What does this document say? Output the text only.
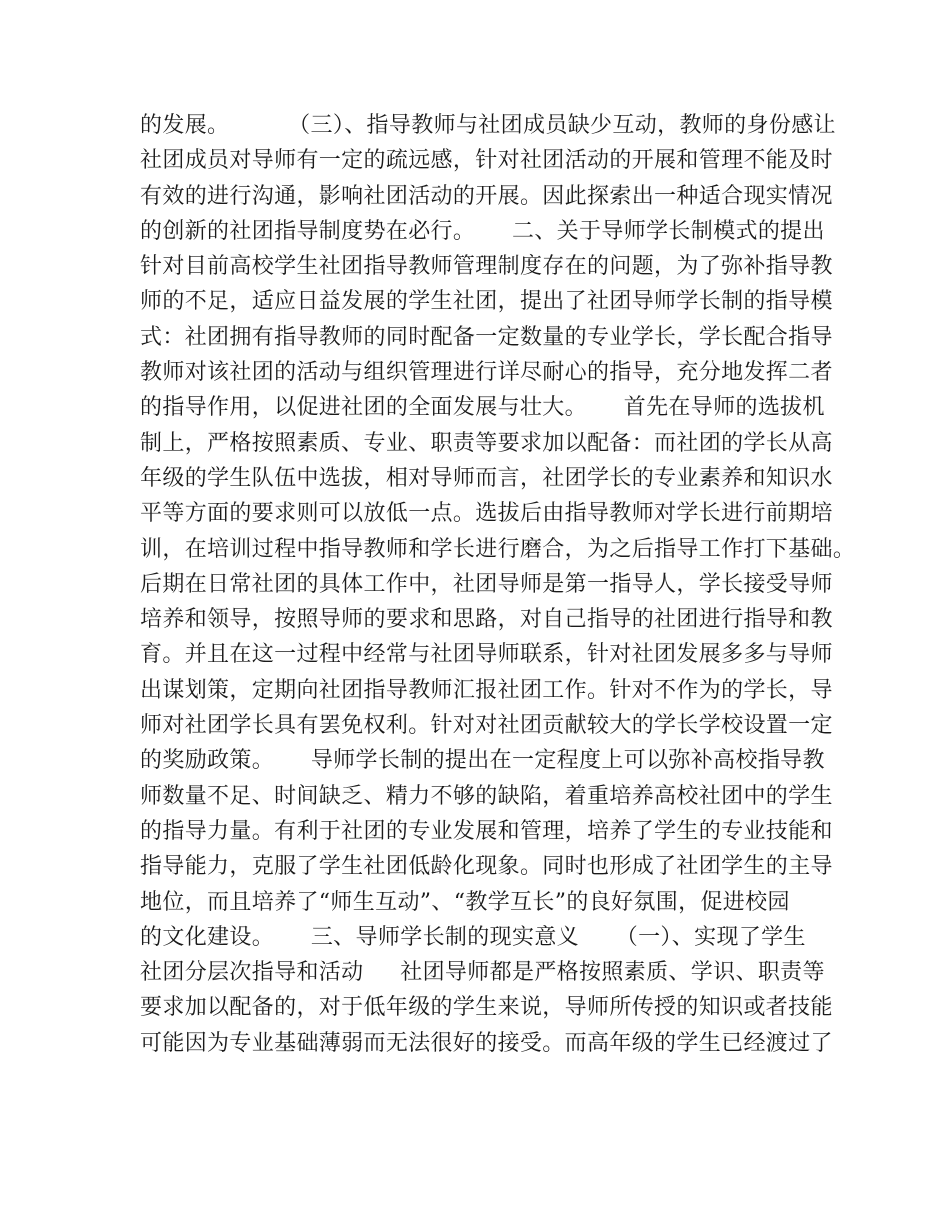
的发展。        （三）、指导教师与社团成员缺少互动，教师的身份感让
社团成员对导师有一定的疏远感，针对社团活动的开展和管理不能及时
有效的进行沟通，影响社团活动的开展。因此探索出一种适合现实情况
的创新的社团指导制度势在必行。     二、关于导师学长制模式的提出
针对目前高校学生社团指导教师管理制度存在的问题，为了弥补指导教
师的不足，适应日益发展的学生社团，提出了社团导师学长制的指导模
式：社团拥有指导教师的同时配备一定数量的专业学长，学长配合指导
教师对该社团的活动与组织管理进行详尽耐心的指导，充分地发挥二者
的指导作用，以促进社团的全面发展与壮大。     首先在导师的选拔机
制上，严格按照素质、专业、职责等要求加以配备：而社团的学长从高
年级的学生队伍中选拔，相对导师而言，社团学长的专业素养和知识水
平等方面的要求则可以放低一点。选拔后由指导教师对学长进行前期培
训，在培训过程中指导教师和学长进行磨合，为之后指导工作打下基础。
后期在日常社团的具体工作中，社团导师是第一指导人，学长接受导师
培养和领导，按照导师的要求和思路，对自己指导的社团进行指导和教
育。并且在这一过程中经常与社团导师联系，针对社团发展多多与导师
出谋划策，定期向社团指导教师汇报社团工作。针对不作为的学长，导
师对社团学长具有罢免权利。针对对社团贡献较大的学长学校设置一定
的奖励政策。     导师学长制的提出在一定程度上可以弥补高校指导教
师数量不足、时间缺乏、精力不够的缺陷，着重培养高校社团中的学生
的指导力量。有利于社团的专业发展和管理，培养了学生的专业技能和
指导能力，克服了学生社团低龄化现象。同时也形成了社团学生的主导
地位，而且培养了“师生互动”、“教学互长”的良好氛围，促进校园
的文化建设。     三、导师学长制的现实意义     （一）、实现了学生
社团分层次指导和活动     社团导师都是严格按照素质、学识、职责等
要求加以配备的，对于低年级的学生来说，导师所传授的知识或者技能
可能因为专业基础薄弱而无法很好的接受。而高年级的学生已经渡过了
